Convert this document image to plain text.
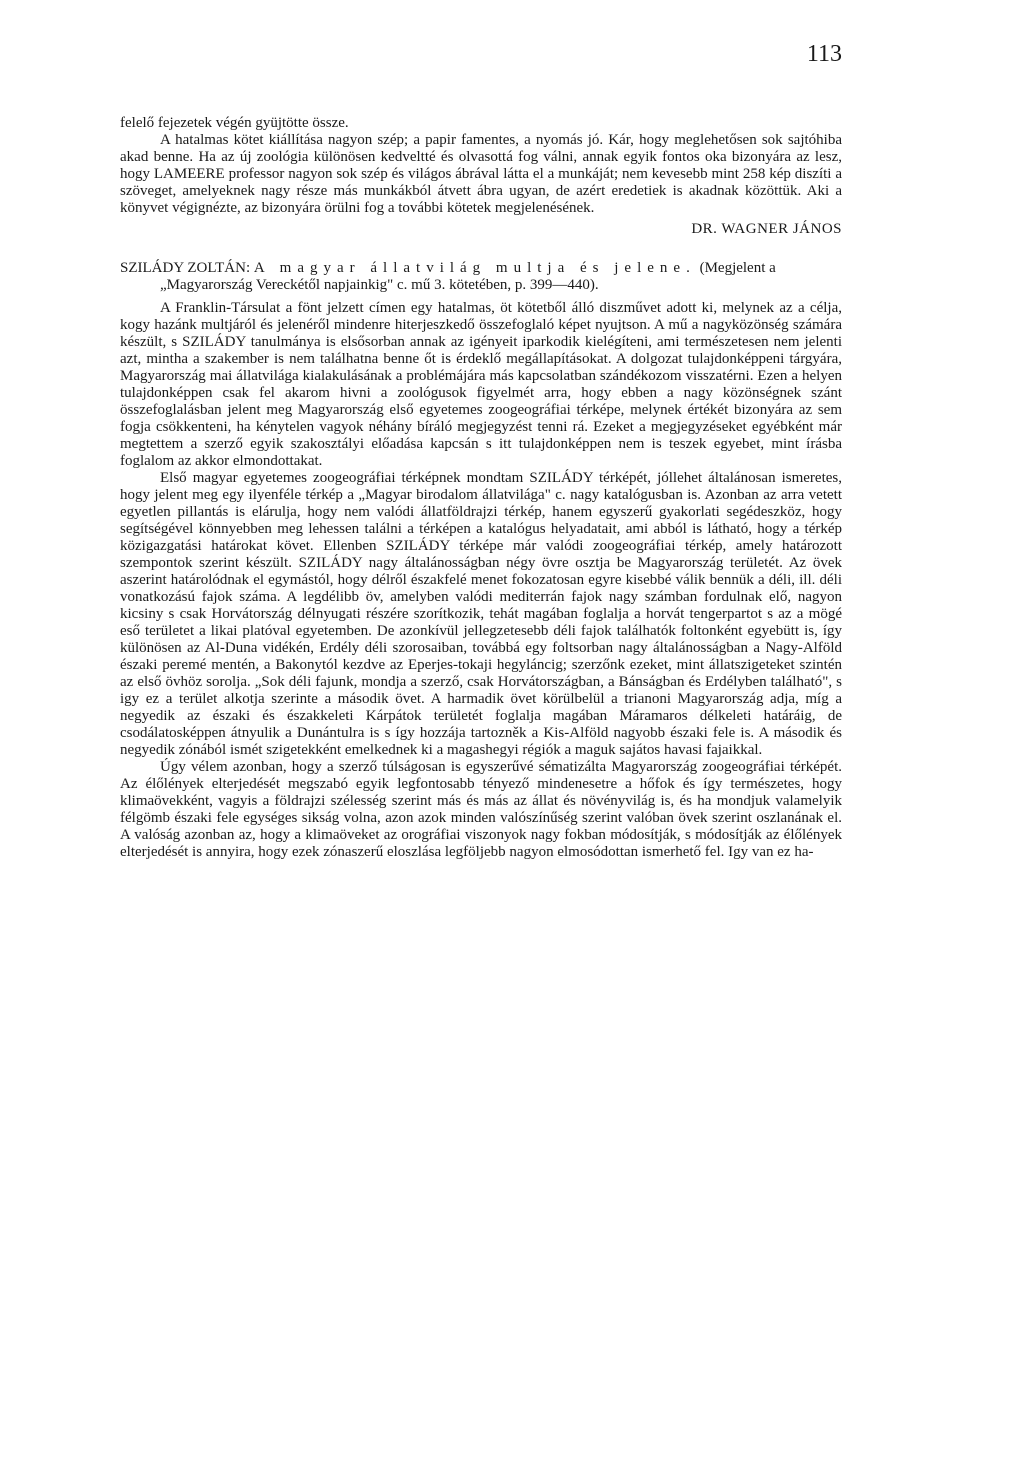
113

felelő fejezetek végén gyüjtötte össze.

A hatalmas kötet kiállítása nagyon szép; a papir famentes, a nyomás jó. Kár, hogy meglehetősen sok sajtóhiba akad benne. Ha az új zoológia különösen kedveltté és olvasottá fog válni, annak egyik fontos oka bizonyára az lesz, hogy LAMEERE professor nagyon sok szép és világos ábrával látta el a munkáját; nem kevesebb mint 258 kép diszíti a szöveget, amelyeknek nagy része más munkákból átvett ábra ugyan, de azért eredetiek is akadnak közöttük. Aki a könyvet végignézte, az bizonyára örülni fog a további kötetek megjelenésének.

DR. WAGNER JÁNOS

SZILÁDY ZOLTÁN: A magyar állatvilág multja és jelene. (Megjelent a „Magyarország Vereckétől napjainkig" c. mű 3. kötetében, p. 399—440).

A Franklin-Társulat a fönt jelzett címen egy hatalmas, öt kötetből álló diszművet adott ki, melynek az a célja, kogy hazánk multjáról és jelenéről mindenre hiterjeszkedő összefoglaló képet nyujtson. A mű a nagyközönség számára készült, s SZILÁDY tanulmánya is elsősorban annak az igényeit iparkodik kielégíteni, ami természetesen nem jelenti azt, mintha a szakember is nem találhatna benne őt is érdeklő megállapításokat. A dolgozat tulajdonképpeni tárgyára, Magyarország mai állatvilága kialakulásának a problémájára más kapcsolatban szándékozom visszatérni. Ezen a helyen tulajdonképpen csak fel akarom hivni a zoológusok figyelmét arra, hogy ebben a nagy közönségnek szánt összefoglalásban jelent meg Magyarország első egyetemes zoogeográfiai térképe, melynek értékét bizonyára az sem fogja csökkenteni, ha kénytelen vagyok néhány bíráló megjegyzést tenni rá. Ezeket a megjegyzéseket egyébként már megtettem a szerző egyik szakosztályi előadása kapcsán s itt tulajdonképpen nem is teszek egyebet, mint írásba foglalom az akkor elmondottakat.

Első magyar egyetemes zoogeográfiai térképnek mondtam SZILÁDY térképét, jóllehet általánosan ismeretes, hogy jelent meg egy ilyenféle térkép a „Magyar birodalom állatvilága" c. nagy katalógusban is. Azonban az arra vetett egyetlen pillantás is elárulja, hogy nem valódi állatföldrajzi térkép, hanem egyszerű gyakorlati segédeszköz, hogy segítségével könnyebben meg lehessen találni a térképen a katalógus helyadatait, ami abból is látható, hogy a térkép közigazgatási határokat követ. Ellenben SZILÁDY térképe már valódi zoogeográfiai térkép, amely határozott szempontok szerint készült. SZILÁDY nagy általánosságban négy övre osztja be Magyarország területét. Az övek aszerint határolódnak el egymástól, hogy délről északfelé menet fokozatosan egyre kisebbé válik bennük a déli, ill. déli vonatkozású fajok száma. A legdélibb öv, amelyben valódi mediterrán fajok nagy számban fordulnak elő, nagyon kicsiny s csak Horvátország délnyugati részére szorítkozik, tehát magában foglalja a horvát tengerpartot s az a mögé eső területet a likai platóval egyetemben. De azonkívül jellegzetesebb déli fajok találhatók foltonként egyebütt is, így különösen az Al-Duna vidékén, Erdély déli szorosaiban, továbbá egy foltsorban nagy általánosságban a Nagy-Alföld északi peremé mentén, a Bakonytól kezdve az Eperjes-tokaji hegyláncig; szerzőnk ezeket, mint állatszigeteket szintén az első övhöz sorolja. „Sok déli fajunk, mondja a szerző, csak Horvátországban, a Bánságban és Erdélyben található", s igy ez a terület alkotja szerinte a második övet. A harmadik övet körülbelül a trianoni Magyarország adja, míg a negyedik az északi és északkeleti Kárpátok területét foglalja magában Máramaros délkeleti határáig, de csodálatosképpen átnyulik a Dunántulra is s így hozzája tartozněk a Kis-Alföld nagyobb északi fele is. A második és negyedik zónából ismét szigetekként emelkednek ki a magashegyi régiók a maguk sajátos havasi fajaikkal.

Úgy vélem azonban, hogy a szerző túlságosan is egyszerűvé sématizálta Magyarország zoogeográfiai térképét. Az élőlények elterjedését megszabó egyik legfontosabb tényező mindenesetre a hőfok és így természetes, hogy klimaövekként, vagyis a földrajzi szélesség szerint más és más az állat és növényvilág is, és ha mondjuk valamelyik félgömb északi fele egységes sikság volna, azon azok minden valószínűség szerint valóban övek szerint oszlanának el. A valóság azonban az, hogy a klimaöveket az orográfiai viszonyok nagy fokban módosítják, s módosítják az élőlények elterjedését is annyira, hogy ezek zónaszerű eloszlása legföljebb nagyon elmosódottan ismerhető fel. Igy van ez ha-
